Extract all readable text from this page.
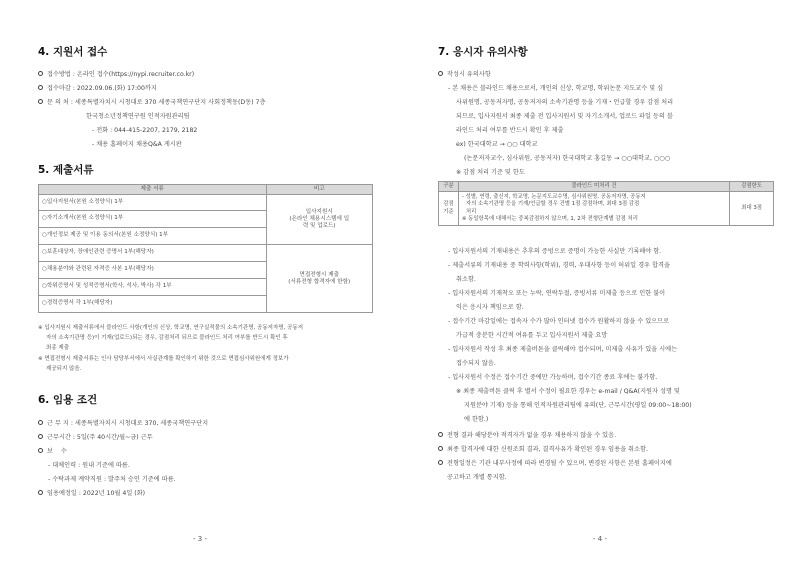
4. 지원서 접수
접수방법 : 온라인 접수(https://nypi.recruiter.co.kr)
접수마감 : 2022.09.06.(화) 17:00까지
문 의 처 : 세종특별자치시 시청대로 370 세종국책연구단지 사회정책동(D동) 7층
한국청소년정책연구원 인적자원관리팀
- 전화 : 044-415-2207, 2179, 2182
- 채용 홈페이지 채용Q&A 게시판
5. 제출서류
제출 서류	비고
○입사지원서(본원 소정양식) 1부	입사지원시
(온라인 채용시스템에 입
력 및 업로드)

○자기소개서(본원 소정양식) 1부	
○개인정보 제공 및 이용 동의서(본원 소정양식) 1부	
○보훈대상자, 장애인관련 증명서 1부(해당자)	면접전형시 제출
(서류전형 합격자에 한함)

○채용분야와 관련된 자격증 사본 1부(해당자)	
○학위증명서 및 성적증명서(학사, 석사, 박사) 각 1부	
○경력증명서 각 1부(해당자)	
※ 입사지원시 제출서류에서 블라인드 사항(개인의 신상, 학교명, 연구실적물의 소속기관명, 공동저자명, 공동저
자의 소속기관명 등)이 기재(업로드)되는 경우, 감점처리 되므로 블라인드 처리 여부를 반드시 확인 후
최종 제출
※ 면접전형시 제출서류는 인사 담당부서에서 사실관계를 확인하기 위한 것으로 면접심사위원에게 정보가
제공되지 않음.
6. 임용 조건
근 무 지 : 세종특별자치시 시청대로 370, 세종국책연구단지
근무시간 : 5일(주 40시간/월~금) 근무
보    수
- 대체인력 : 원내 기준에 따름.
- 수탁과제 계약직원 : 발주처 승인 기준에 따름.
임용예정일 : 2022년 10월 4일 (화)
- 3 -
7. 응시자 유의사항
작성시 유의사항
- 본 채용은 블라인드 채용으로서, 개인의 신상, 학교명, 학위논문 지도교수 및 심
사위원명, 공동저자명, 공동저자의 소속기관명 등을 기재・언급할 경우 감점 처리
되므로, 입사지원서 최종 제출 전 입사지원서 및 자기소개서, 업로드 파일 등의 블
라인드 처리 여부를 반드시 확인 후 제출
ex) 한국대학교 → ○○ 대학교
(논문저자교수, 심사위원, 공동저자) 한국대학교 홍길동 → ○○대학교, ○○○
※ 감점 처리 기준 및 한도
구분	블라인드 미처리 건	감점한도
감점 기준	- 성별, 연령, 출신지, 학교명, 논문지도교수명, 심사위원명, 공동저자명, 공동저
자의 소속기관명 등을 기재/언급할 경우 건별 1점 감점하며, 최대 3점 감점
처리
※ 동일항목에 대해서는 중복감점하지 않으며, 1, 2차 전형단계별 감점 처리	최대 3점
- 입사지원서의 기재내용은 추후의 증빙으로 증명이 가능한 사실만 기록해야 함.
- 제출서류의 기재내용 중 학력사항(학위), 경력, 우대사항 등이 허위일 경우 합격을
취소함.
- 입사지원서의 기재착오 또는 누락, 연락두절, 증빙서류 미제출 등으로 인한 불이
익은 응시자 책임으로 함.
- 접수기간 마감일에는 접속자 수가 많아 인터넷 접수가 원활하지 않을 수 있으므로
가급적 충분한 시간적 여유를 두고 입사지원서 제출 요망
- 입사지원서 작성 후 최종 제출버튼을 클릭해야 접수되며, 미제출 사유가 있을 시에는
접수되지 않음.
- 입사지원서 수정은 접수기간 중에만 가능하며, 접수기간 종료 후에는 불가함.
※ 최종 제출버튼 클릭 후 별서 수정이 필요한 경우는 e-mail / Q&A(지원자 성명 및
지원분야 기재) 등을 통해 인적자원관리팀에 유의(단, 근무시간(평일 09:00~18:00)
에 한함.)
전형 결과 해당분야 적격자가 없을 경우 채용하지 않을 수 있음.
최종 합격자에 대한 신원조회 결과, 결격사유가 확인된 경우 임용을 취소함.
전형일정은 기관 내부사정에 따라 변경될 수 있으며, 변경된 사항은 본원 홈페이지에
공고하고 개별 통지함.
- 4 -
